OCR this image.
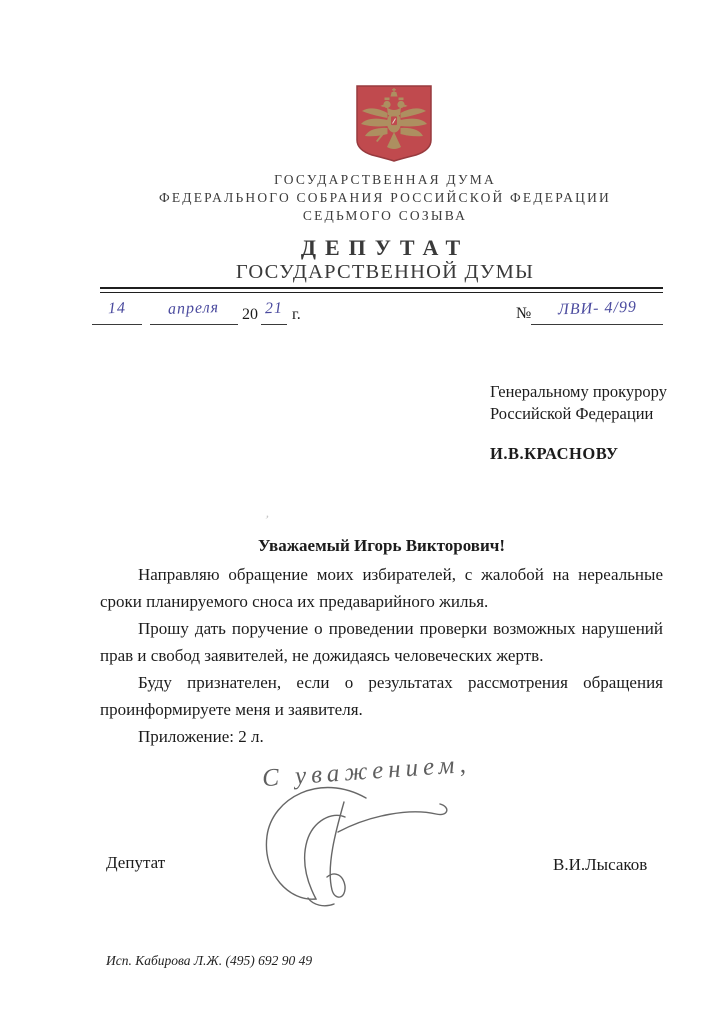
ГОСУДАРСТВЕННАЯ ДУМА
ФЕДЕРАЛЬНОГО СОБРАНИЯ РОССИЙСКОЙ ФЕДЕРАЦИИ
СЕДЬМОГО СОЗЫВА
ДЕПУТАТ
ГОСУДАРСТВЕННОЙ ДУМЫ
14	апреля	20 21 г.	№	ЛВИ- 4/99
Генеральному прокурору
Российской Федерации
И.В.КРАСНОВУ
’
Уважаемый Игорь Викторович!

Направляю обращение моих избирателей, с жалобой на нереальные сроки планируемого сноса их предаварийного жилья.

Прошу дать поручение о проведении проверки возможных нарушений прав и свобод заявителей, не дожидаясь человеческих жертв.

Буду признателен, если о результатах рассмотрения обращения проинформируете меня и заявителя.

Приложение: 2 л.

С уважением,
Депутат	В.И.Лысаков
Исп. Кабирова Л.Ж. (495) 692 90 49
